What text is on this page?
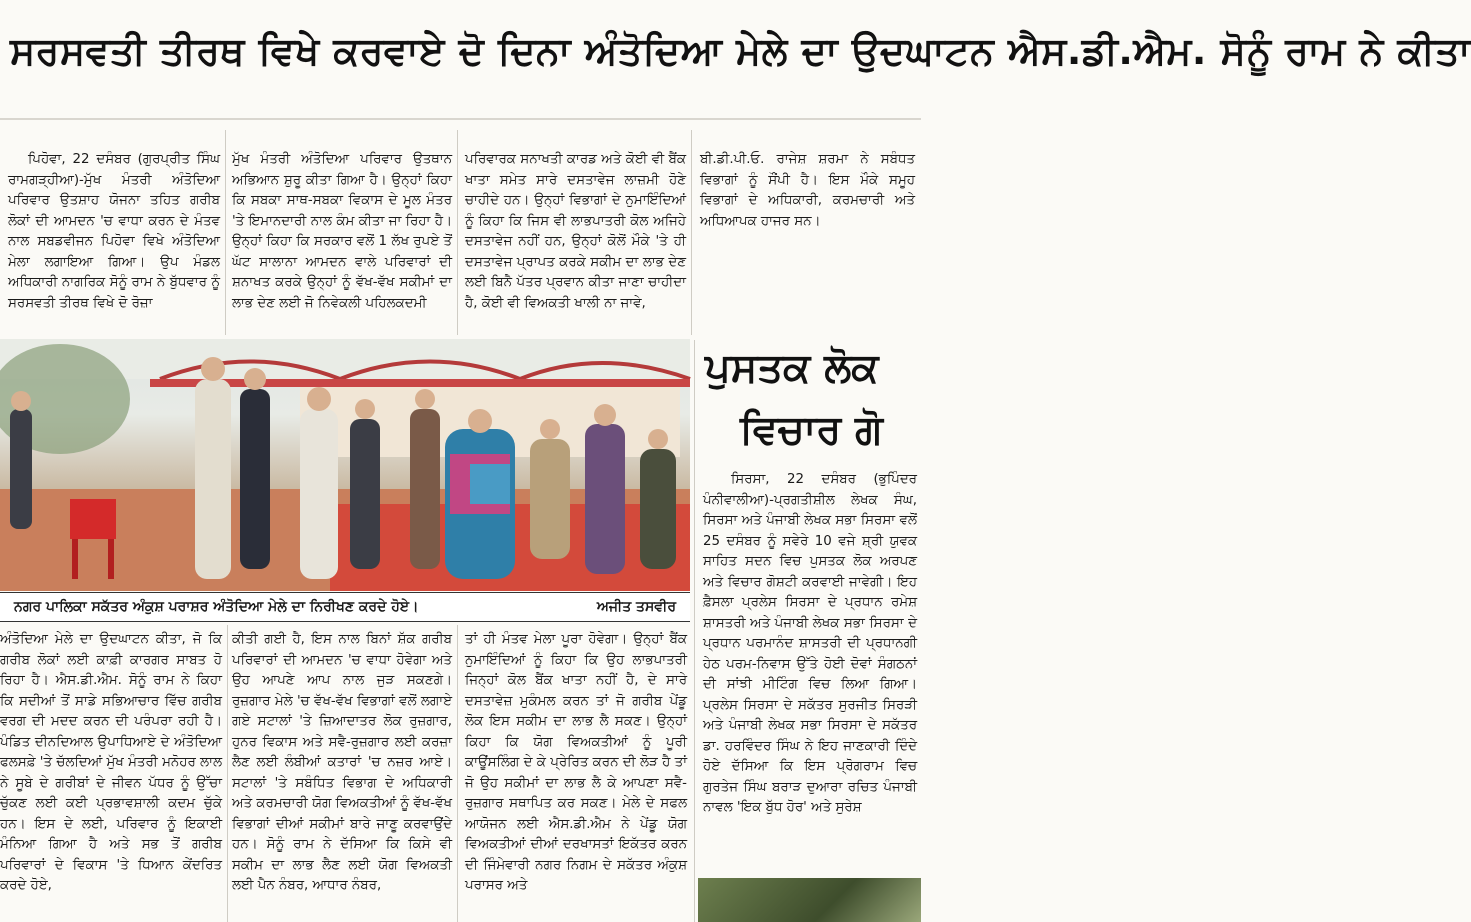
ਸਰਸਵਤੀ ਤੀਰਥ ਵਿਖੇ ਕਰਵਾਏ ਦੋ ਦਿਨਾ ਅੰਤੋਦਿਆ ਮੇਲੇ ਦਾ ਉਦਘਾਟਨ ਐਸ.ਡੀ.ਐਮ. ਸੋਨੂੰ ਰਾਮ ਨੇ ਕੀਤਾ

ਪਿਹੋਵਾ, 22 ਦਸੰਬਰ (ਗੁਰਪ੍ਰੀਤ ਸਿੰਘ ਰਾਮਗੜ੍ਹੀਆ)-ਮੁੱਖ ਮੰਤਰੀ ਅੰਤੋਦਿਆ ਪਰਿਵਾਰ ਉਤਸ਼ਾਹ ਯੋਜਨਾ ਤਹਿਤ ਗਰੀਬ ਲੋਕਾਂ ਦੀ ਆਮਦਨ 'ਚ ਵਾਧਾ ਕਰਨ ਦੇ ਮੰਤਵ ਨਾਲ ਸਬਡਵੀਜਨ ਪਿਹੋਵਾ ਵਿਖੇ ਅੰਤੋਦਿਆ ਮੇਲਾ ਲਗਾਇਆ ਗਿਆ। ਉਪ ਮੰਡਲ ਅਧਿਕਾਰੀ ਨਾਗਰਿਕ ਸੋਨੂੰ ਰਾਮ ਨੇ ਬੁੱਧਵਾਰ ਨੂੰ ਸਰਸਵਤੀ ਤੀਰਥ ਵਿਖੇ ਦੋ ਰੋਜ਼ਾ

ਮੁੱਖ ਮੰਤਰੀ ਅੰਤੋਦਿਆ ਪਰਿਵਾਰ ਉਤਥਾਨ ਅਭਿਆਨ ਸ਼ੁਰੂ ਕੀਤਾ ਗਿਆ ਹੈ। ਉਨ੍ਹਾਂ ਕਿਹਾ ਕਿ ਸਬਕਾ ਸਾਥ-ਸਬਕਾ ਵਿਕਾਸ ਦੇ ਮੂਲ ਮੰਤਰ 'ਤੇ ਇਮਾਨਦਾਰੀ ਨਾਲ ਕੰਮ ਕੀਤਾ ਜਾ ਰਿਹਾ ਹੈ। ਉਨ੍ਹਾਂ ਕਿਹਾ ਕਿ ਸਰਕਾਰ ਵਲੋਂ 1 ਲੱਖ ਰੁਪਏ ਤੋਂ ਘੱਟ ਸਾਲਾਨਾ ਆਮਦਨ ਵਾਲੇ ਪਰਿਵਾਰਾਂ ਦੀ ਸ਼ਨਾਖਤ ਕਰਕੇ ਉਨ੍ਹਾਂ ਨੂੰ ਵੱਖ-ਵੱਖ ਸਕੀਮਾਂ ਦਾ ਲਾਭ ਦੇਣ ਲਈ ਜੋ ਨਿਵੇਕਲੀ ਪਹਿਲਕਦਮੀ

ਪਰਿਵਾਰਕ ਸਨਾਖਤੀ ਕਾਰਡ ਅਤੇ ਕੋਈ ਵੀ ਬੈਂਕ ਖਾਤਾ ਸਮੇਤ ਸਾਰੇ ਦਸਤਾਵੇਜ ਲਾਜ਼ਮੀ ਹੋਣੇ ਚਾਹੀਦੇ ਹਨ। ਉਨ੍ਹਾਂ ਵਿਭਾਗਾਂ ਦੇ ਨੁਮਾਇੰਦਿਆਂ ਨੂੰ ਕਿਹਾ ਕਿ ਜਿਸ ਵੀ ਲਾਭਪਾਤਰੀ ਕੋਲ ਅਜਿਹੇ ਦਸਤਾਵੇਜ ਨਹੀਂ ਹਨ, ਉਨ੍ਹਾਂ ਕੋਲੋਂ ਮੌਕੇ 'ਤੇ ਹੀ ਦਸਤਾਵੇਜ ਪ੍ਰਾਪਤ ਕਰਕੇ ਸਕੀਮ ਦਾ ਲਾਭ ਦੇਣ ਲਈ ਬਿਨੈ ਪੱਤਰ ਪ੍ਰਵਾਨ ਕੀਤਾ ਜਾਣਾ ਚਾਹੀਦਾ ਹੈ, ਕੋਈ ਵੀ ਵਿਅਕਤੀ ਖਾਲੀ ਨਾ ਜਾਵੇ,

ਬੀ.ਡੀ.ਪੀ.ਓ. ਰਾਜੇਸ਼ ਸ਼ਰਮਾ ਨੇ ਸਬੰਧਤ ਵਿਭਾਗਾਂ ਨੂੰ ਸੌਂਪੀ ਹੈ। ਇਸ ਮੌਕੇ ਸਮੂਹ ਵਿਭਾਗਾਂ ਦੇ ਅਧਿਕਾਰੀ, ਕਰਮਚਾਰੀ ਅਤੇ ਅਧਿਆਪਕ ਹਾਜਰ ਸਨ।

ਨਗਰ ਪਾਲਿਕਾ ਸਕੱਤਰ ਅੰਕੁਸ਼ ਪਰਾਸ਼ਰ ਅੰਤੋਦਿਆ ਮੇਲੇ ਦਾ ਨਿਰੀਖਣ ਕਰਦੇ ਹੋਏ।	ਅਜੀਤ ਤਸਵੀਰ

ਅੰਤੋਦਿਆ ਮੇਲੇ ਦਾ ਉਦਘਾਟਨ ਕੀਤਾ, ਜੋ ਕਿ ਗਰੀਬ ਲੋਕਾਂ ਲਈ ਕਾਫ਼ੀ ਕਾਰਗਰ ਸਾਬਤ ਹੋ ਰਿਹਾ ਹੈ। ਐਸ.ਡੀ.ਐਮ. ਸੋਨੂੰ ਰਾਮ ਨੇ ਕਿਹਾ ਕਿ ਸਦੀਆਂ ਤੋਂ ਸਾਡੇ ਸਭਿਆਚਾਰ ਵਿੱਚ ਗਰੀਬ ਵਰਗ ਦੀ ਮਦਦ ਕਰਨ ਦੀ ਪਰੰਪਰਾ ਰਹੀ ਹੈ। ਪੰਡਿਤ ਦੀਨਦਿਆਲ ਉਪਾਧਿਆਏ ਦੇ ਅੰਤੋਦਿਆ ਫਲਸਫ਼ੇ 'ਤੇ ਚੱਲਦਿਆਂ ਮੁੱਖ ਮੰਤਰੀ ਮਨੋਹਰ ਲਾਲ ਨੇ ਸੂਬੇ ਦੇ ਗਰੀਬਾਂ ਦੇ ਜੀਵਨ ਪੱਧਰ ਨੂੰ ਉੱਚਾ ਚੁੱਕਣ ਲਈ ਕਈ ਪ੍ਰਭਾਵਸ਼ਾਲੀ ਕਦਮ ਚੁੱਕੇ ਹਨ। ਇਸ ਦੇ ਲਈ, ਪਰਿਵਾਰ ਨੂੰ ਇਕਾਈ ਮੰਨਿਆ ਗਿਆ ਹੈ ਅਤੇ ਸਭ ਤੋਂ ਗਰੀਬ ਪਰਿਵਾਰਾਂ ਦੇ ਵਿਕਾਸ 'ਤੇ ਧਿਆਨ ਕੇਂਦਰਿਤ ਕਰਦੇ ਹੋਏ,

ਕੀਤੀ ਗਈ ਹੈ, ਇਸ ਨਾਲ ਬਿਨਾਂ ਸ਼ੱਕ ਗਰੀਬ ਪਰਿਵਾਰਾਂ ਦੀ ਆਮਦਨ 'ਚ ਵਾਧਾ ਹੋਵੇਗਾ ਅਤੇ ਉਹ ਆਪਣੇ ਆਪ ਨਾਲ ਜੁੜ ਸਕਣਗੇ। ਰੁਜ਼ਗਾਰ ਮੇਲੇ 'ਚ ਵੱਖ-ਵੱਖ ਵਿਭਾਗਾਂ ਵਲੋਂ ਲਗਾਏ ਗਏ ਸਟਾਲਾਂ 'ਤੇ ਜ਼ਿਆਦਾਤਰ ਲੋਕ ਰੁਜ਼ਗਾਰ, ਹੁਨਰ ਵਿਕਾਸ ਅਤੇ ਸਵੈ-ਰੁਜ਼ਗਾਰ ਲਈ ਕਰਜ਼ਾ ਲੈਣ ਲਈ ਲੰਬੀਆਂ ਕਤਾਰਾਂ 'ਚ ਨਜ਼ਰ ਆਏ। ਸਟਾਲਾਂ 'ਤੇ ਸਬੰਧਿਤ ਵਿਭਾਗ ਦੇ ਅਧਿਕਾਰੀ ਅਤੇ ਕਰਮਚਾਰੀ ਯੋਗ ਵਿਅਕਤੀਆਂ ਨੂੰ ਵੱਖ-ਵੱਖ ਵਿਭਾਗਾਂ ਦੀਆਂ ਸਕੀਮਾਂ ਬਾਰੇ ਜਾਣੂ ਕਰਵਾਉਂਦੇ ਹਨ। ਸੋਨੂੰ ਰਾਮ ਨੇ ਦੱਸਿਆ ਕਿ ਕਿਸੇ ਵੀ ਸਕੀਮ ਦਾ ਲਾਭ ਲੈਣ ਲਈ ਯੋਗ ਵਿਅਕਤੀ ਲਈ ਪੈਨ ਨੰਬਰ, ਆਧਾਰ ਨੰਬਰ,

ਤਾਂ ਹੀ ਮੰਤਵ ਮੇਲਾ ਪੂਰਾ ਹੋਵੇਗਾ। ਉਨ੍ਹਾਂ ਬੈਂਕ ਨੁਮਾਇੰਦਿਆਂ ਨੂੰ ਕਿਹਾ ਕਿ ਉਹ ਲਾਭਪਾਤਰੀ ਜਿਨ੍ਹਾਂ ਕੋਲ ਬੈਂਕ ਖਾਤਾ ਨਹੀਂ ਹੈ, ਦੇ ਸਾਰੇ ਦਸਤਾਵੇਜ਼ ਮੁਕੰਮਲ ਕਰਨ ਤਾਂ ਜੋ ਗਰੀਬ ਪੇਂਡੂ ਲੋਕ ਇਸ ਸਕੀਮ ਦਾ ਲਾਭ ਲੈ ਸਕਣ। ਉਨ੍ਹਾਂ ਕਿਹਾ ਕਿ ਯੋਗ ਵਿਅਕਤੀਆਂ ਨੂੰ ਪੂਰੀ ਕਾਊਂਸਲਿੰਗ ਦੇ ਕੇ ਪ੍ਰੇਰਿਤ ਕਰਨ ਦੀ ਲੋੜ ਹੈ ਤਾਂ ਜੋ ਉਹ ਸਕੀਮਾਂ ਦਾ ਲਾਭ ਲੈ ਕੇ ਆਪਣਾ ਸਵੈ-ਰੁਜ਼ਗਾਰ ਸਥਾਪਿਤ ਕਰ ਸਕਣ। ਮੇਲੇ ਦੇ ਸਫਲ ਆਯੋਜਨ ਲਈ ਐਸ.ਡੀ.ਐਮ ਨੇ ਪੇਂਡੂ ਯੋਗ ਵਿਅਕਤੀਆਂ ਦੀਆਂ ਦਰਖਾਸਤਾਂ ਇਕੱਤਰ ਕਰਨ ਦੀ ਜਿੰਮੇਵਾਰੀ ਨਗਰ ਨਿਗਮ ਦੇ ਸਕੱਤਰ ਅੰਕੁਸ਼ ਪਰਾਸਰ ਅਤੇ

ਪੁਸਤਕ ਲੋਕ
ਵਿਚਾਰ ਗੋ

ਸਿਰਸਾ, 22 ਦਸੰਬਰ (ਭੁਪਿੰਦਰ ਪੰਨੀਵਾਲੀਆ)-ਪ੍ਰਗਤੀਸ਼ੀਲ ਲੇਖਕ ਸੰਘ, ਸਿਰਸਾ ਅਤੇ ਪੰਜਾਬੀ ਲੇਖਕ ਸਭਾ ਸਿਰਸਾ ਵਲੋਂ 25 ਦਸੰਬਰ ਨੂੰ ਸਵੇਰੇ 10 ਵਜੇ ਸ਼੍ਰੀ ਯੁਵਕ ਸਾਹਿਤ ਸਦਨ ਵਿਚ ਪੁਸਤਕ ਲੋਕ ਅਰਪਣ ਅਤੇ ਵਿਚਾਰ ਗੋਸ਼ਟੀ ਕਰਵਾਈ ਜਾਵੇਗੀ। ਇਹ ਫ਼ੈਸਲਾ ਪ੍ਰਲੇਸ ਸਿਰਸਾ ਦੇ ਪ੍ਰਧਾਨ ਰਮੇਸ਼ ਸ਼ਾਸਤਰੀ ਅਤੇ ਪੰਜਾਬੀ ਲੇਖਕ ਸਭਾ ਸਿਰਸਾ ਦੇ ਪ੍ਰਧਾਨ ਪਰਮਾਨੰਦ ਸ਼ਾਸਤਰੀ ਦੀ ਪ੍ਰਧਾਨਗੀ ਹੇਠ ਪਰਮ-ਨਿਵਾਸ ਉੱਤੇ ਹੋਈ ਦੋਵਾਂ ਸੰਗਠਨਾਂ ਦੀ ਸਾਂਝੀ ਮੀਟਿੰਗ ਵਿਚ ਲਿਆ ਗਿਆ। ਪ੍ਰਲੇਸ ਸਿਰਸਾ ਦੇ ਸਕੱਤਰ ਸੁਰਜੀਤ ਸਿਰੜੀ ਅਤੇ ਪੰਜਾਬੀ ਲੇਖਕ ਸਭਾ ਸਿਰਸਾ ਦੇ ਸਕੱਤਰ ਡਾ. ਹਰਵਿੰਦਰ ਸਿੰਘ ਨੇ ਇਹ ਜਾਣਕਾਰੀ ਦਿੰਦੇ ਹੋਏ ਦੱਸਿਆ ਕਿ ਇਸ ਪ੍ਰੋਗਰਾਮ ਵਿਚ ਗੁਰਤੇਜ ਸਿੰਘ ਬਰਾੜ ਦੁਆਰਾ ਰਚਿਤ ਪੰਜਾਬੀ ਨਾਵਲ 'ਇਕ ਬੁੱਧ ਹੋਰ' ਅਤੇ ਸੁਰੇਸ਼
